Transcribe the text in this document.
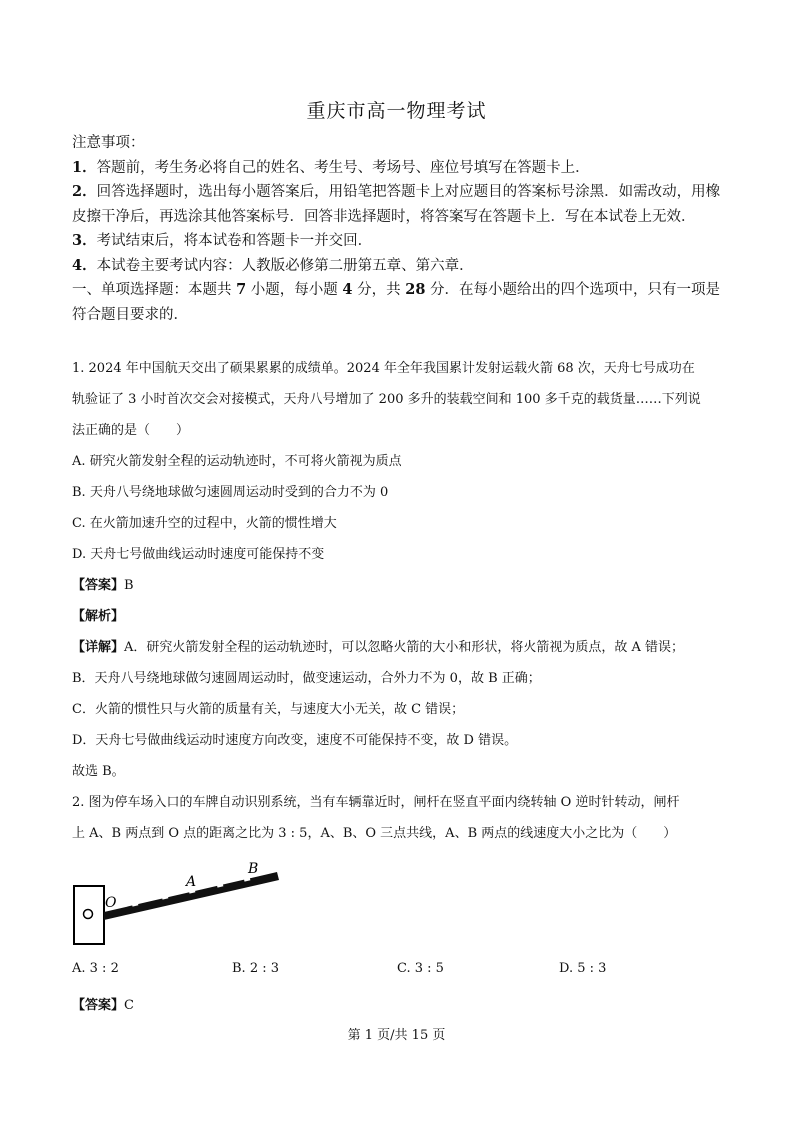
重庆市高一物理考试

注意事项：

1．答题前，考生务必将自己的姓名、考生号、考场号、座位号填写在答题卡上．

2．回答选择题时，选出每小题答案后，用铅笔把答题卡上对应题目的答案标号涂黑．如需改动，用橡皮擦干净后，再选涂其他答案标号．回答非选择题时，将答案写在答题卡上．写在本试卷上无效．

3．考试结束后，将本试卷和答题卡一并交回．

4．本试卷主要考试内容：人教版必修第二册第五章、第六章．

一、单项选择题：本题共 7 小题，每小题 4 分，共 28 分．在每小题给出的四个选项中，只有一项是符合题目要求的．

1. 2024 年中国航天交出了硕果累累的成绩单。2024 年全年我国累计发射运载火箭 68 次，天舟七号成功在

轨验证了 3 小时首次交会对接模式，天舟八号增加了 200 多升的装载空间和 100 多千克的载货量……下列说

法正确的是（　　）

A. 研究火箭发射全程的运动轨迹时，不可将火箭视为质点

B. 天舟八号绕地球做匀速圆周运动时受到的合力不为 0

C. 在火箭加速升空的过程中，火箭的惯性增大

D. 天舟七号做曲线运动时速度可能保持不变

【答案】B

【解析】

【详解】A．研究火箭发射全程的运动轨迹时，可以忽略火箭的大小和形状，将火箭视为质点，故 A 错误；

B．天舟八号绕地球做匀速圆周运动时，做变速运动，合外力不为 0，故 B 正确；

C．火箭的惯性只与火箭的质量有关，与速度大小无关，故 C 错误；

D．天舟七号做曲线运动时速度方向改变，速度不可能保持不变，故 D 错误。

故选 B。

2. 图为停车场入口的车牌自动识别系统，当有车辆靠近时，闸杆在竖直平面内绕转轴 O 逆时针转动，闸杆

上 A、B 两点到 O 点的距离之比为 3 : 5，A、B、O 三点共线，A、B 两点的线速度大小之比为（　　）

O
A
B
A. 3 : 2	B. 2 : 3	C. 3 : 5	D. 5 : 3
【答案】C
第 1 页/共 15 页
